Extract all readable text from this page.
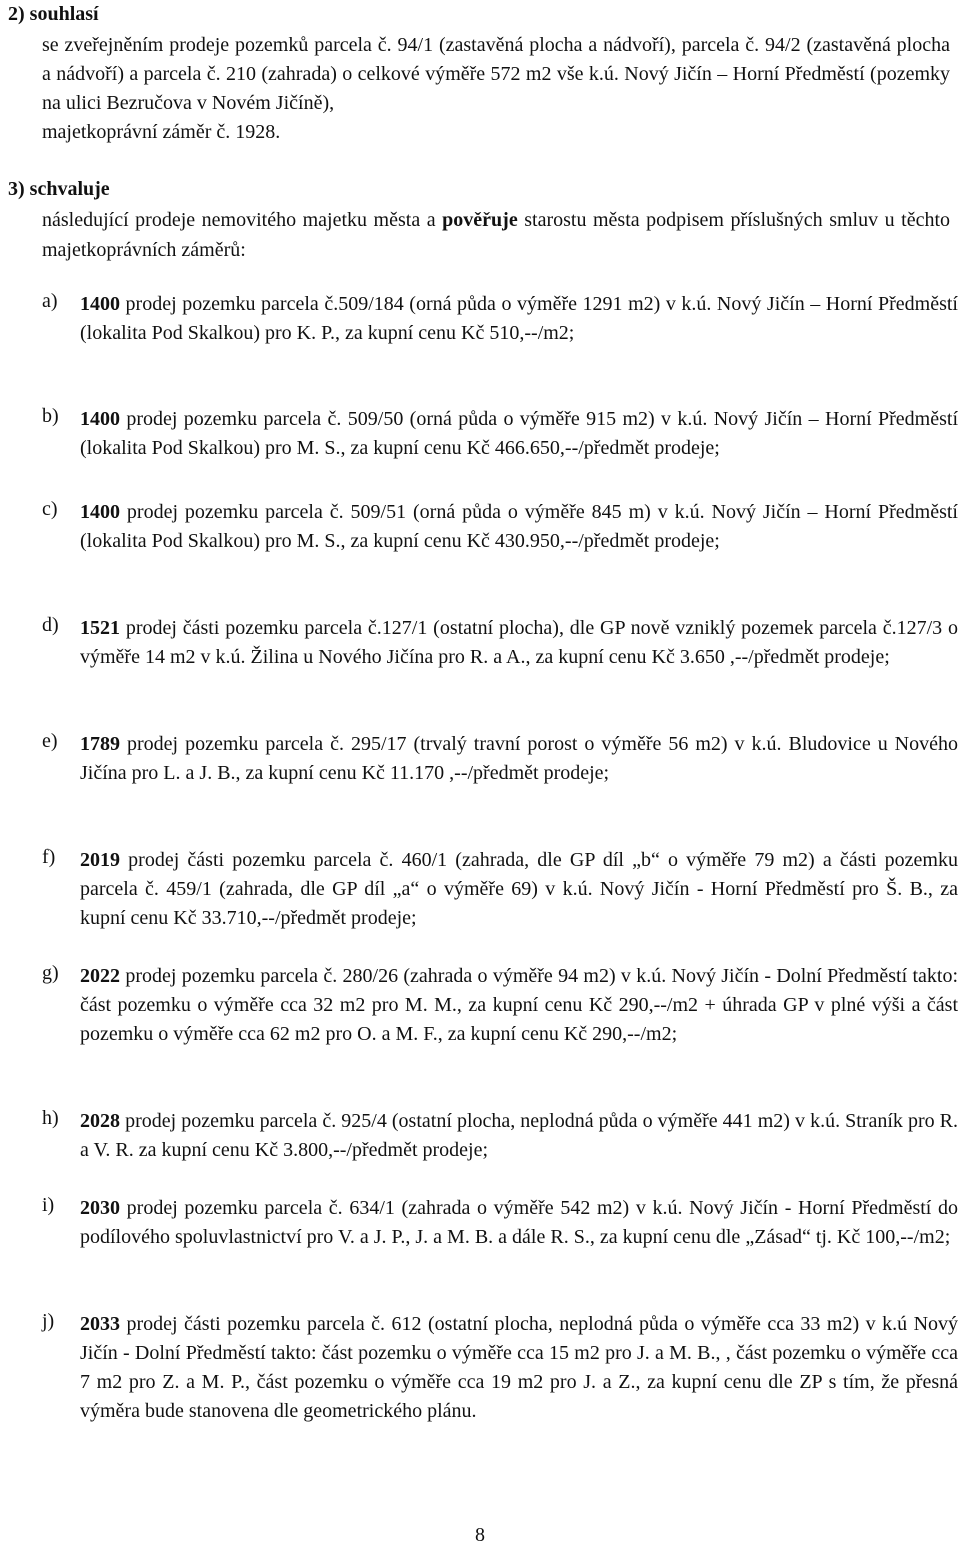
2) souhlasí

se zveřejněním prodeje pozemků parcela č. 94/1 (zastavěná plocha a nádvoří), parcela č. 94/2 (zastavěná plocha a nádvoří) a parcela č. 210 (zahrada) o celkové výměře 572 m2 vše k.ú. Nový Jičín – Horní Předměstí (pozemky na ulici Bezručova v Novém Jičíně),

majetkoprávní záměr č. 1928.

3) schvaluje

následující prodeje nemovitého majetku města a pověřuje starostu města podpisem příslušných smluv u těchto majetkoprávních záměrů:

a)	1400 prodej pozemku parcela č.509/184 (orná půda o výměře 1291 m2) v k.ú. Nový Jičín – Horní Předměstí (lokalita Pod Skalkou) pro K. P., za kupní cenu Kč 510,--/m2;

b)	1400 prodej pozemku parcela č. 509/50 (orná půda o výměře 915 m2) v k.ú. Nový Jičín – Horní Předměstí (lokalita Pod Skalkou) pro M. S., za kupní cenu Kč 466.650,--/předmět prodeje;

c)	1400 prodej pozemku parcela č. 509/51 (orná půda o výměře 845 m) v k.ú. Nový Jičín – Horní Předměstí (lokalita Pod Skalkou) pro M. S., za kupní cenu Kč 430.950,--/předmět prodeje;

d)	1521 prodej části pozemku parcela č.127/1 (ostatní plocha), dle GP nově vzniklý pozemek parcela č.127/3 o výměře 14 m2 v k.ú. Žilina u Nového Jičína pro R. a A., za kupní cenu Kč 3.650 ,--/předmět prodeje;

e)	1789 prodej pozemku parcela č. 295/17 (trvalý travní porost o výměře 56 m2) v k.ú. Bludovice u Nového Jičína pro L. a J. B., za kupní cenu Kč 11.170 ,--/předmět prodeje;

f)	2019 prodej části pozemku parcela č. 460/1 (zahrada, dle GP díl „b“ o výměře 79 m2) a části pozemku parcela č. 459/1 (zahrada, dle GP díl „a“ o výměře 69) v k.ú. Nový Jičín - Horní Předměstí pro Š. B., za kupní cenu Kč 33.710,--/předmět prodeje;

g)	2022 prodej pozemku parcela č. 280/26 (zahrada o výměře 94 m2) v k.ú. Nový Jičín - Dolní Předměstí takto: část pozemku o výměře cca 32 m2 pro M. M., za kupní cenu Kč 290,--/m2 + úhrada GP v plné výši a část pozemku o výměře cca 62 m2 pro O. a M. F., za kupní cenu Kč 290,--/m2;

h)	2028 prodej pozemku parcela č. 925/4 (ostatní plocha, neplodná půda o výměře 441 m2) v k.ú. Straník pro R. a V. R. za kupní cenu Kč 3.800,--/předmět prodeje;

i)	2030 prodej pozemku parcela č. 634/1 (zahrada o výměře 542 m2) v k.ú. Nový Jičín - Horní Předměstí do podílového spoluvlastnictví pro V. a J. P., J. a M. B. a dále R. S., za kupní cenu dle „Zásad“ tj. Kč 100,--/m2;

j)	2033 prodej části pozemku parcela č. 612 (ostatní plocha, neplodná půda o výměře cca 33 m2) v k.ú Nový Jičín - Dolní Předměstí takto: část pozemku o výměře cca 15 m2 pro J. a M. B., , část pozemku o výměře cca 7 m2 pro Z. a M. P., část pozemku o výměře cca 19 m2 pro J. a Z., za kupní cenu dle ZP s tím, že přesná výměra bude stanovena dle geometrického plánu.

8
